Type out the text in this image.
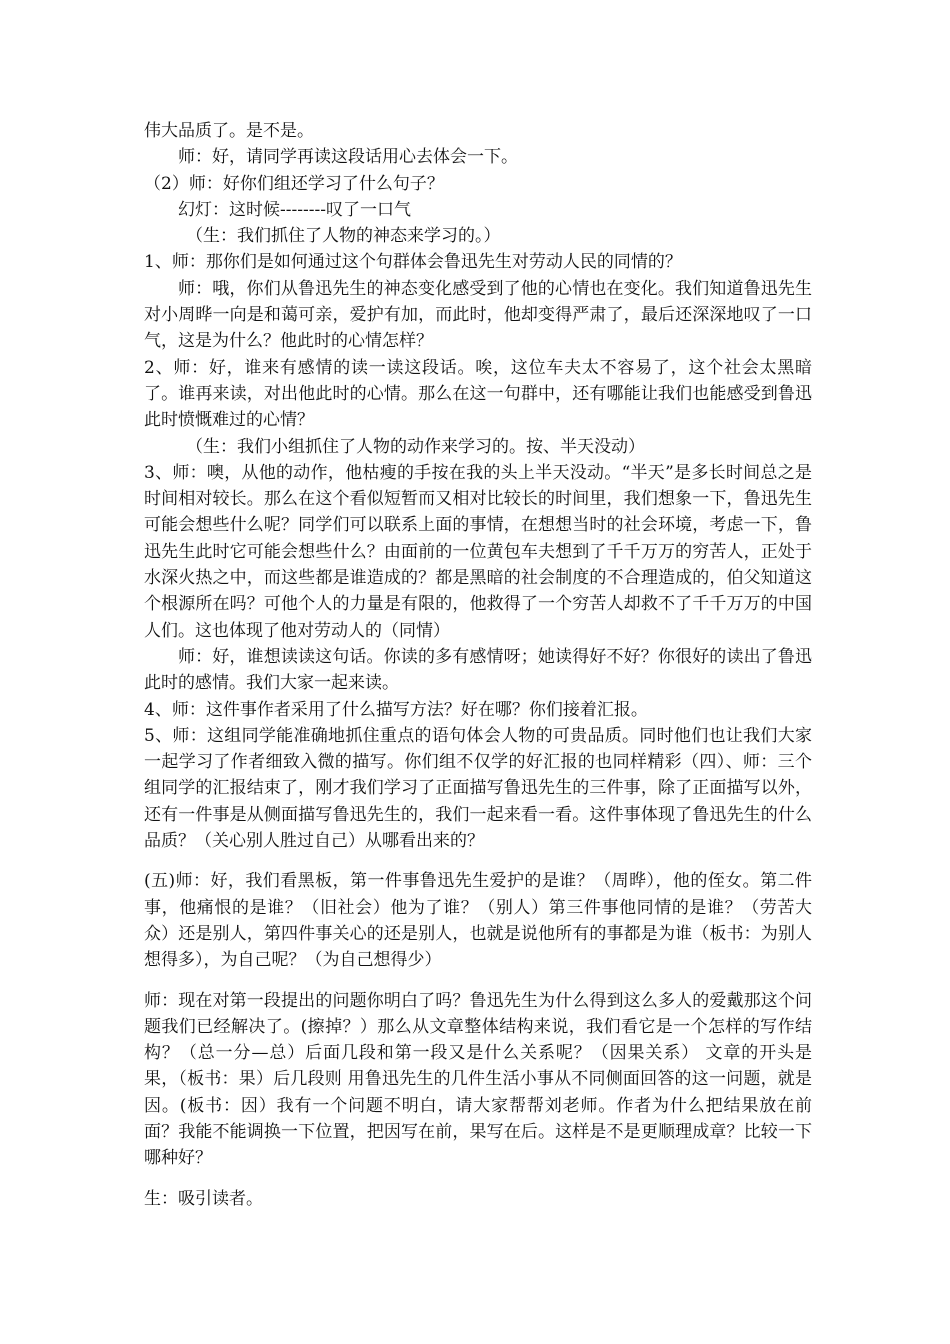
伟大品质了。是不是。

师：好，请同学再读这段话用心去体会一下。

（2）师：好你们组还学习了什么句子？

幻灯：这时候--------叹了一口气

（生：我们抓住了人物的神态来学习的。）

1、师：那你们是如何通过这个句群体会鲁迅先生对劳动人民的同情的？

师：哦，你们从鲁迅先生的神态变化感受到了他的心情也在变化。我们知道鲁迅先生对小周晔一向是和蔼可亲，爱护有加，而此时，他却变得严肃了，最后还深深地叹了一口气，这是为什么？他此时的心情怎样？

2、师：好，谁来有感情的读一读这段话。唉，这位车夫太不容易了，这个社会太黑暗了。谁再来读，对出他此时的心情。那么在这一句群中，还有哪能让我们也能感受到鲁迅此时愤慨难过的心情？

（生：我们小组抓住了人物的动作来学习的。按、半天没动）

3、师：噢，从他的动作，他枯瘦的手按在我的头上半天没动。“半天”是多长时间总之是时间相对较长。那么在这个看似短暂而又相对比较长的时间里，我们想象一下，鲁迅先生可能会想些什么呢？同学们可以联系上面的事情，在想想当时的社会环境，考虑一下，鲁迅先生此时它可能会想些什么？由面前的一位黄包车夫想到了千千万万的穷苦人，正处于水深火热之中，而这些都是谁造成的？都是黑暗的社会制度的不合理造成的，伯父知道这个根源所在吗？可他个人的力量是有限的，他救得了一个穷苦人却救不了千千万万的中国人们。这也体现了他对劳动人的（同情）

师：好，谁想读读这句话。你读的多有感情呀；她读得好不好？你很好的读出了鲁迅此时的感情。我们大家一起来读。

4、师：这件事作者采用了什么描写方法？好在哪？你们接着汇报。

5、师：这组同学能准确地抓住重点的语句体会人物的可贵品质。同时他们也让我们大家一起学习了作者细致入微的描写。你们组不仅学的好汇报的也同样精彩（四）、师：三个组同学的汇报结束了，刚才我们学习了正面描写鲁迅先生的三件事，除了正面描写以外，还有一件事是从侧面描写鲁迅先生的，我们一起来看一看。这件事体现了鲁迅先生的什么品质？（关心别人胜过自己）从哪看出来的？

(五)师：好，我们看黑板，第一件事鲁迅先生爱护的是谁？（周晔），他的侄女。第二件事，他痛恨的是谁？（旧社会）他为了谁？（别人）第三件事他同情的是谁？（劳苦大众）还是别人，第四件事关心的还是别人，也就是说他所有的事都是为谁（板书：为别人想得多），为自己呢？（为自己想得少）

师：现在对第一段提出的问题你明白了吗？鲁迅先生为什么得到这么多人的爱戴那这个问题我们已经解决了。(擦掉？）那么从文章整体结构来说，我们看它是一个怎样的写作结构？（总一分—总）后面几段和第一段又是什么关系呢？（因果关系） 文章的开头是果，（板书：果）后几段则 用鲁迅先生的几件生活小事从不同侧面回答的这一问题，就是因。(板书：因）我有一个问题不明白，请大家帮帮刘老师。作者为什么把结果放在前面？我能不能调换一下位置，把因写在前，果写在后。这样是不是更顺理成章？比较一下哪种好？

生：吸引读者。
